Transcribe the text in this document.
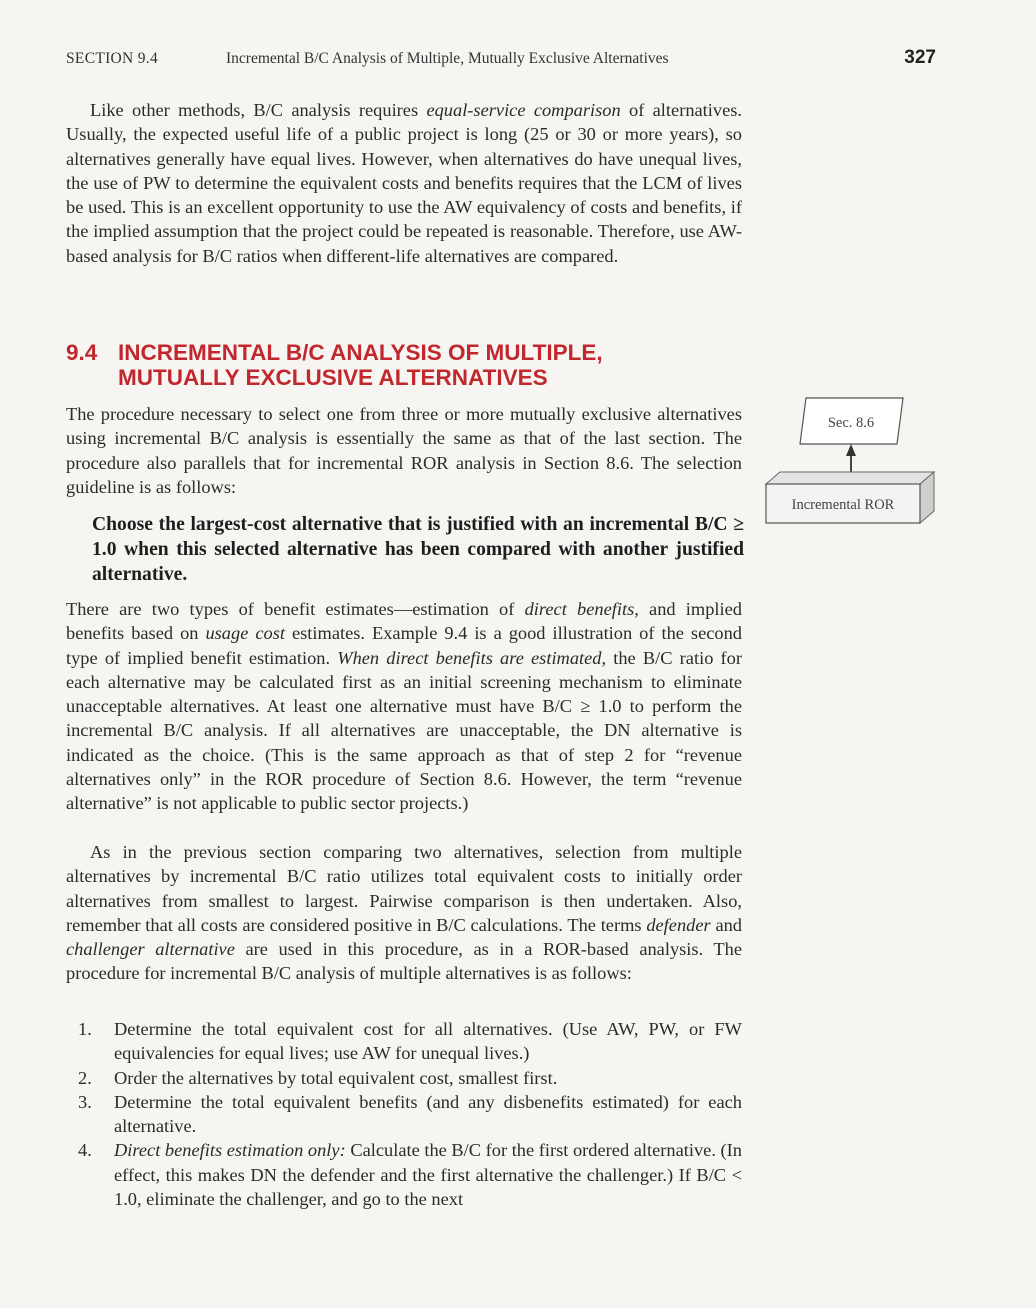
SECTION 9.4	Incremental B/C Analysis of Multiple, Mutually Exclusive Alternatives	327

Like other methods, B/C analysis requires equal-service comparison of alternatives. Usually, the expected useful life of a public project is long (25 or 30 or more years), so alternatives generally have equal lives. However, when alternatives do have unequal lives, the use of PW to determine the equivalent costs and benefits requires that the LCM of lives be used. This is an excellent opportunity to use the AW equivalency of costs and benefits, if the implied assumption that the project could be repeated is reasonable. Therefore, use AW-based analysis for B/C ratios when different-life alternatives are compared.

9.4 INCREMENTAL B/C ANALYSIS OF MULTIPLE,
MUTUALLY EXCLUSIVE ALTERNATIVES

The procedure necessary to select one from three or more mutually exclusive alternatives using incremental B/C analysis is essentially the same as that of the last section. The procedure also parallels that for incremental ROR analysis in Section 8.6. The selection guideline is as follows:

Choose the largest-cost alternative that is justified with an incremental B/C ≥ 1.0 when this selected alternative has been compared with another justified alternative.

There are two types of benefit estimates—estimation of direct benefits, and implied benefits based on usage cost estimates. Example 9.4 is a good illustration of the second type of implied benefit estimation. When direct benefits are estimated, the B/C ratio for each alternative may be calculated first as an initial screening mechanism to eliminate unacceptable alternatives. At least one alternative must have B/C ≥ 1.0 to perform the incremental B/C analysis. If all alternatives are unacceptable, the DN alternative is indicated as the choice. (This is the same approach as that of step 2 for “revenue alternatives only” in the ROR procedure of Section 8.6. However, the term “revenue alternative” is not applicable to public sector projects.)

As in the previous section comparing two alternatives, selection from multiple alternatives by incremental B/C ratio utilizes total equivalent costs to initially order alternatives from smallest to largest. Pairwise comparison is then undertaken. Also, remember that all costs are considered positive in B/C calculations. The terms defender and challenger alternative are used in this procedure, as in a ROR-based analysis. The procedure for incremental B/C analysis of multiple alternatives is as follows:

1. Determine the total equivalent cost for all alternatives. (Use AW, PW, or FW equivalencies for equal lives; use AW for unequal lives.)
2. Order the alternatives by total equivalent cost, smallest first.
3. Determine the total equivalent benefits (and any disbenefits estimated) for each alternative.
4. Direct benefits estimation only: Calculate the B/C for the first ordered alternative. (In effect, this makes DN the defender and the first alternative the challenger.) If B/C < 1.0, eliminate the challenger, and go to the next
Sec. 8.6
Incremental ROR
